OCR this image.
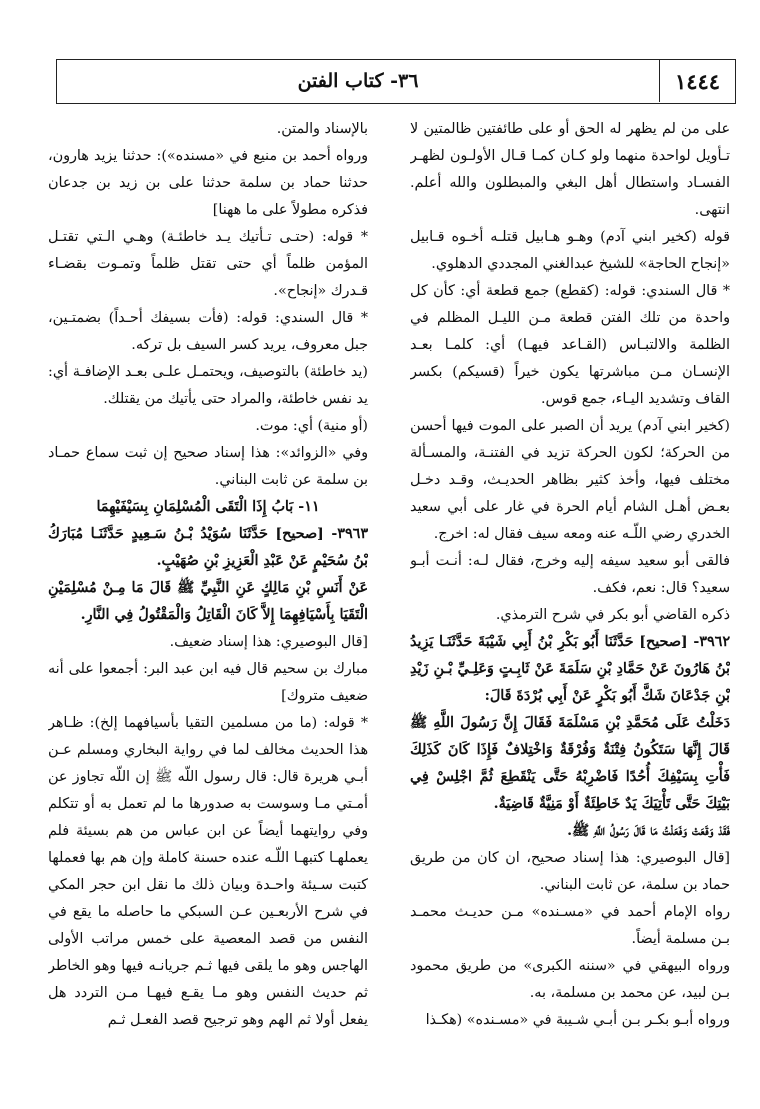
١٤٤٤
٣٦- كتاب الفتن

على من لم يظهر له الحق أو على طائفتين ظالمتين لا تـأويل لواحدة منهما ولو كـان كمـا قـال الأولـون لظهـر الفسـاد واستطال أهل البغي والمبطلون والله أعلم. انتهى.

قوله (كخير ابني آدم) وهـو هـابيل قتلـه أخـوه قـابيل «إنجاح الحاجة» للشيخ عبدالغني المجددي الدهلوي.

* قال السندي: قوله: (كقطع) جمع قطعة أي: كأن كل واحدة من تلك الفتن قطعة مـن الليـل المظلم في الظلمة والالتبـاس (القـاعد فيهـا) أي: كلمـا بعـد الإنسـان مـن مباشرتها يكون خيراً (قسيكم) بكسر القاف وتشديد اليـاء، جمع قوس.

(كخير ابني آدم) يريد أن الصبر على الموت فيها أحسن من الحركة؛ لكون الحركة تزيد في الفتنـة، والمسـألة مختلف فيها، وأخذ كثير بظاهر الحديـث، وقـد دخـل بعـض أهـل الشام أيام الحرة في غار على أبي سعيد الخدري رضي اللّـه عنه ومعه سيف فقال له: اخرج.

فالقى أبو سعيد سيفه إليه وخرج، فقال لـه: أنـت أبـو سعيد؟ قال: نعم، فكف.

ذكره القاضي أبو بكر في شرح الترمذي.

٣٩٦٢- [صحيح] حَدَّثَنَا أَبُو بَكْرِ بْنُ أَبِي شَيْبَةَ حَدَّثَنَـا يَزِيدُ بْنُ هَارُونَ عَنْ حَمَّادِ بْنِ سَلَمَةَ عَنْ ثَابِـتٍ وَعَلِـيِّ بْـنِ زَيْدِ بْنِ جَدْعَانَ شَكَّ أَبُو بَكْرٍ عَنْ أَبِي بُرْدَةَ قَالَ:

دَخَلْتُ عَلَى مُحَمَّدِ بْنِ مَسْلَمَةَ فَقَالَ إِنَّ رَسُولَ اللَّهِ ﷺ قَالَ إِنَّهَا سَتَكُونُ فِتْنَةٌ وَفُرْقَةٌ وَاخْتِلافٌ فَإِذَا كَانَ كَذَلِكَ فَأْتِ بِسَيْفِكَ أُحُدًا فَاضْرِبْهُ حَتَّى يَنْقَطِعَ ثُمَّ اجْلِسْ فِي بَيْتِكَ حَتَّى تَأْتِيَكَ يَدٌ خَاطِئَةٌ أَوْ مَنِيَّةٌ قَاضِيَةٌ.

فَقَدْ وَقَعَتْ وَفَعَلْتُ مَا قَالَ رَسُولُ اللَّهِ ﷺ.

[قال البوصيري: هذا إسناد صحيح، ان كان من طريق حماد بن سلمة، عن ثابت البناني.

رواه الإمام أحمد في «مسـنده» مـن حديـث محمـد بـن مسلمة أيضاً.

ورواه البيهقي في «سننه الكبرى» من طريق محمود بـن لبيد، عن محمد بن مسلمة، به.

ورواه أبـو بكـر بـن أبـي شـيبة في «مسـنده» (هكـذا

بالإسناد والمتن.

ورواه أحمد بن منيع في «مسنده»): حدثنا يزيد هارون، حدثنا حماد بن سلمة حدثنا على بن زيد بن جدعان فذكره مطولاً على ما ههنا]

* قوله: (حتـى تـأتيك يـد خاطئـة) وهـي الـتي تقتـل المؤمن ظلماً أي حتى تقتل ظلماً وتمـوت بقضـاء قـدرك «إنجاح».

* قال السندي: قوله: (فأت بسيفك أحـداً) بضمتـين، جبل معروف، يريد كسر السيف بل تركه.

(يد خاطئة) بالتوصيف، ويحتمـل علـى بعـد الإضافـة أي: يد نفس خاطئة، والمراد حتى يأتيك من يقتلك.

(أو منية) أي: موت.

وفي «الزوائد»: هذا إسناد صحيح إن ثبت سماع حمـاد بن سلمة عن ثابت البناني.

١١- بَابُ إِذَا الْتَقَى الْمُسْلِمَانِ بِسَيْفَيْهِمَا

٣٩٦٣- [صحيح] حَدَّثَنَا سُوَيْدُ بْـنُ سَـعِيدٍ حَدَّثَنَـا مُبَارَكُ بْنُ سُحَيْمٍ عَنْ عَبْدِ الْعَزِيزِ بْنِ صُهَيْبٍ.

عَنْ أَنَسِ بْنِ مَالِكٍ عَنِ النَّبِيِّ ﷺ قَالَ مَا مِـنْ مُسْلِمَيْنِ الْتَقَيَا بِأَسْيَافِهِمَا إِلاَّ كَانَ الْقَاتِلُ وَالْمَقْتُولُ فِي النَّارِ.

[قال البوصيري: هذا إسناد ضعيف.

مبارك بن سحيم قال فيه ابن عبد البر: أجمعوا على أنه ضعيف متروك]

* قوله: (ما من مسلمين التقيا بأسيافهما إلخ): ظـاهر هذا الحديث مخالف لما في رواية البخاري ومسلم عـن أبـي هريرة قال: قال رسول اللّه ﷺ إن اللّه تجاوز عن أمـتي مـا وسوست به صدورها ما لم تعمل به أو تتكلم وفي روايتهما أيضاً عن ابن عباس من هم بسيئة فلم يعملهـا كتبهـا اللّـه عنده حسنة كاملة وإن هم بها فعملها كتبت سـيئة واحـدة وبيان ذلك ما نقل ابن حجر المكي في شرح الأربعـين عـن السبكي ما حاصله ما يقع في النفس من قصد المعصية على خمس مراتب الأولى الهاجس وهو ما يلقى فيها ثـم جريانـه فيها وهو الخاطر ثم حديث النفس وهو مـا يقـع فيهـا مـن التردد هل يفعل أولا ثم الهم وهو ترجيح قصد الفعـل ثـم
